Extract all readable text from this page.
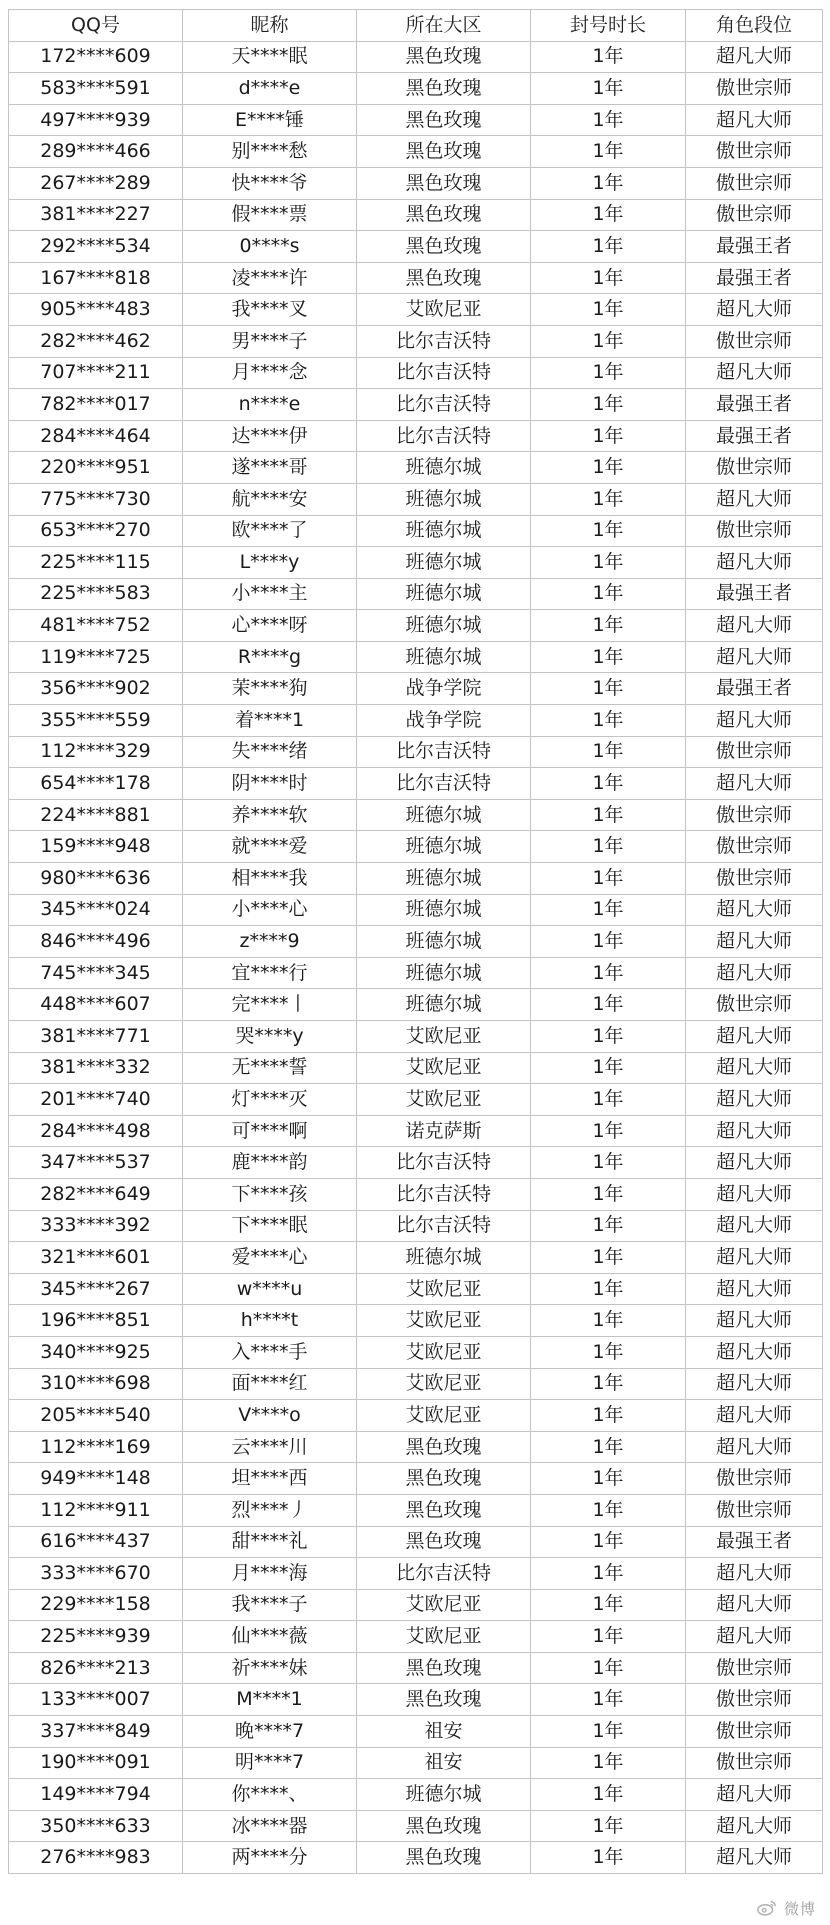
QQ号	昵称	所在大区	封号时长	角色段位
172****609	天****眠	黑色玫瑰	1年	超凡大师
583****591	d****e	黑色玫瑰	1年	傲世宗师
497****939	E****锤	黑色玫瑰	1年	超凡大师
289****466	别****愁	黑色玫瑰	1年	傲世宗师
267****289	快****爷	黑色玫瑰	1年	傲世宗师
381****227	假****票	黑色玫瑰	1年	傲世宗师
292****534	0****s	黑色玫瑰	1年	最强王者
167****818	凌****许	黑色玫瑰	1年	最强王者
905****483	我****叉	艾欧尼亚	1年	超凡大师
282****462	男****子	比尔吉沃特	1年	傲世宗师
707****211	月****念	比尔吉沃特	1年	超凡大师
782****017	n****e	比尔吉沃特	1年	最强王者
284****464	达****伊	比尔吉沃特	1年	最强王者
220****951	遂****哥	班德尔城	1年	傲世宗师
775****730	航****安	班德尔城	1年	超凡大师
653****270	欧****了	班德尔城	1年	傲世宗师
225****115	L****y	班德尔城	1年	超凡大师
225****583	小****主	班德尔城	1年	最强王者
481****752	心****呀	班德尔城	1年	超凡大师
119****725	R****g	班德尔城	1年	超凡大师
356****902	茉****狗	战争学院	1年	最强王者
355****559	着****1	战争学院	1年	超凡大师
112****329	失****绪	比尔吉沃特	1年	傲世宗师
654****178	阴****时	比尔吉沃特	1年	超凡大师
224****881	养****软	班德尔城	1年	傲世宗师
159****948	就****爱	班德尔城	1年	傲世宗师
980****636	相****我	班德尔城	1年	傲世宗师
345****024	小****心	班德尔城	1年	超凡大师
846****496	z****9	班德尔城	1年	超凡大师
745****345	宜****行	班德尔城	1年	超凡大师
448****607	完****丨	班德尔城	1年	傲世宗师
381****771	哭****y	艾欧尼亚	1年	超凡大师
381****332	无****誓	艾欧尼亚	1年	超凡大师
201****740	灯****灭	艾欧尼亚	1年	超凡大师
284****498	可****啊	诺克萨斯	1年	超凡大师
347****537	鹿****韵	比尔吉沃特	1年	超凡大师
282****649	下****孩	比尔吉沃特	1年	超凡大师
333****392	下****眠	比尔吉沃特	1年	超凡大师
321****601	爱****心	班德尔城	1年	超凡大师
345****267	w****u	艾欧尼亚	1年	超凡大师
196****851	h****t	艾欧尼亚	1年	超凡大师
340****925	入****手	艾欧尼亚	1年	超凡大师
310****698	面****红	艾欧尼亚	1年	超凡大师
205****540	V****o	艾欧尼亚	1年	超凡大师
112****169	云****川	黑色玫瑰	1年	超凡大师
949****148	坦****西	黑色玫瑰	1年	傲世宗师
112****911	烈****丿	黑色玫瑰	1年	傲世宗师
616****437	甜****礼	黑色玫瑰	1年	最强王者
333****670	月****海	比尔吉沃特	1年	超凡大师
229****158	我****子	艾欧尼亚	1年	超凡大师
225****939	仙****薇	艾欧尼亚	1年	超凡大师
826****213	祈****妹	黑色玫瑰	1年	傲世宗师
133****007	M****1	黑色玫瑰	1年	傲世宗师
337****849	晚****7	祖安	1年	傲世宗师
190****091	明****7	祖安	1年	傲世宗师
149****794	你****、	班德尔城	1年	超凡大师
350****633	冰****器	黑色玫瑰	1年	超凡大师
276****983	两****分	黑色玫瑰	1年	超凡大师
微博
